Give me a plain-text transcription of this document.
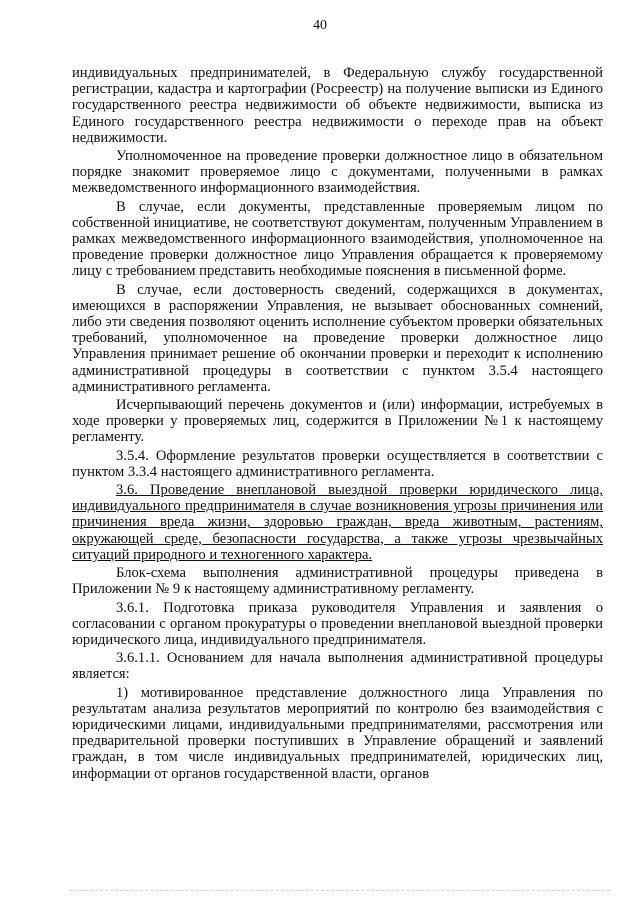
40

индивидуальных предпринимателей, в Федеральную службу государственной регистрации, кадастра и картографии (Росреестр) на получение выписки из Единого государственного реестра недвижимости об объекте недвижимости, выписка из Единого государственного реестра недвижимости о переходе прав на объект недвижимости.

Уполномоченное на проведение проверки должностное лицо в обязательном порядке знакомит проверяемое лицо с документами, полученными в рамках межведомственного информационного взаимодействия.

В случае, если документы, представленные проверяемым лицом по собственной инициативе, не соответствуют документам, полученным Управлением в рамках межведомственного информационного взаимодействия, уполномоченное на проведение проверки должностное лицо Управления обращается к проверяемому лицу с требованием представить необходимые пояснения в письменной форме.

В случае, если достоверность сведений, содержащихся в документах, имеющихся в распоряжении Управления, не вызывает обоснованных сомнений, либо эти сведения позволяют оценить исполнение субъектом проверки обязательных требований, уполномоченное на проведение проверки должностное лицо Управления принимает решение об окончании проверки и переходит к исполнению административной процедуры в соответствии с пунктом 3.5.4 настоящего административного регламента.

Исчерпывающий перечень документов и (или) информации, истребуемых в ходе проверки у проверяемых лиц, содержится в Приложении №1 к настоящему регламенту.

3.5.4. Оформление результатов проверки осуществляется в соответствии с пунктом 3.3.4 настоящего административного регламента.

3.6. Проведение внеплановой выездной проверки юридического лица, индивидуального предпринимателя в случае возникновения угрозы причинения или причинения вреда жизни, здоровью граждан, вреда животным, растениям, окружающей среде, безопасности государства, а также угрозы чрезвычайных ситуаций природного и техногенного характера.

Блок-схема выполнения административной процедуры приведена в Приложении № 9 к настоящему административному регламенту.

3.6.1. Подготовка приказа руководителя Управления и заявления о согласовании с органом прокуратуры о проведении внеплановой выездной проверки юридического лица, индивидуального предпринимателя.

3.6.1.1. Основанием для начала выполнения административной процедуры является:

1) мотивированное представление должностного лица Управления по результатам анализа результатов мероприятий по контролю без взаимодействия с юридическими лицами, индивидуальными предпринимателями, рассмотрения или предварительной проверки поступивших в Управление обращений и заявлений граждан, в том числе индивидуальных предпринимателей, юридических лиц, информации от органов государственной власти, органов
